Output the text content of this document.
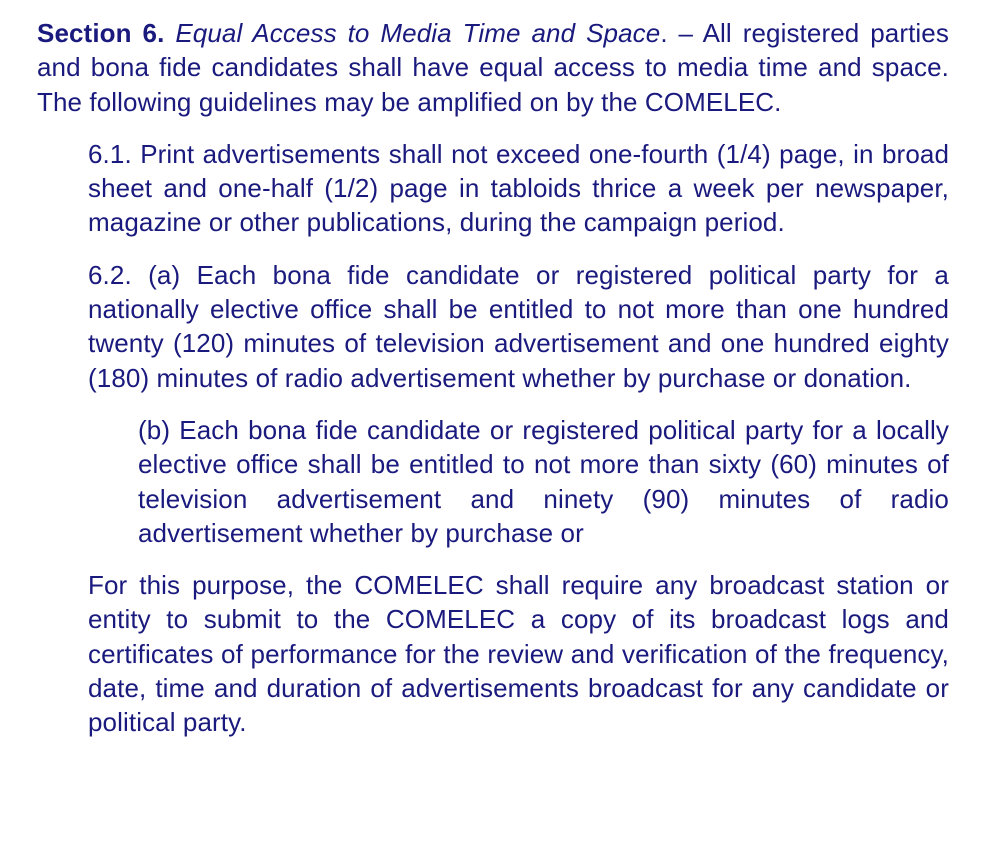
Section 6. Equal Access to Media Time and Space. – All registered parties and bona fide candidates shall have equal access to media time and space. The following guidelines may be amplified on by the COMELEC.

6.1. Print advertisements shall not exceed one-fourth (1/4) page, in broad sheet and one-half (1/2) page in tabloids thrice a week per newspaper, magazine or other publications, during the campaign period.

6.2. (a) Each bona fide candidate or registered political party for a nationally elective office shall be entitled to not more than one hundred twenty (120) minutes of television advertisement and one hundred eighty (180) minutes of radio advertisement whether by purchase or donation.

(b) Each bona fide candidate or registered political party for a locally elective office shall be entitled to not more than sixty (60) minutes of television advertisement and ninety (90) minutes of radio advertisement whether by purchase or

For this purpose, the COMELEC shall require any broadcast station or entity to submit to the COMELEC a copy of its broadcast logs and certificates of performance for the review and verification of the frequency, date, time and duration of advertisements broadcast for any candidate or political party.
